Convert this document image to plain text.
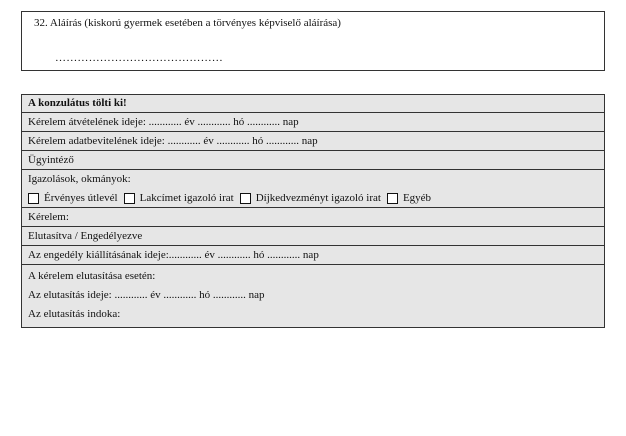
32. Aláírás (kiskorú gyermek esetében a törvényes képviselő aláírása)
………………………………………
A konzulátus tölti ki!
Kérelem átvételének ideje: ............ év ............ hó ............ nap
Kérelem adatbevitelének ideje: ............ év ............ hó ............ nap
Ügyintéző
Igazolások, okmányok:
Érvényes útlevél Lakcímet igazoló irat Díjkedvezményt igazoló irat Egyéb
Kérelem:
Elutasítva / Engedélyezve
Az engedély kiállításának ideje:............ év ............ hó ............ nap
A kérelem elutasítása esetén:
Az elutasítás ideje: ............ év ............ hó ............ nap
Az elutasítás indoka:
